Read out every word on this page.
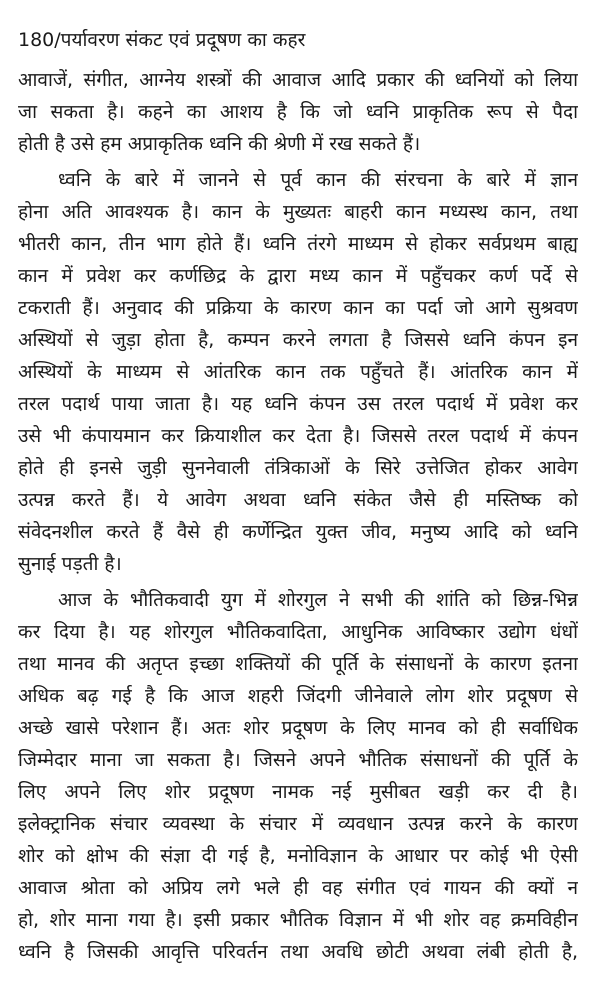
180/पर्यावरण संकट एवं प्रदूषण का कहर
आवाजें, संगीत, आग्नेय शस्त्रों की आवाज आदि प्रकार की ध्वनियों को लिया
जा सकता है। कहने का आशय है कि जो ध्वनि प्राकृतिक रूप से पैदा
होती है उसे हम अप्राकृतिक ध्वनि की श्रेणी में रख सकते हैं।
ध्वनि के बारे में जानने से पूर्व कान की संरचना के बारे में ज्ञान
होना अति आवश्यक है। कान के मुख्यतः बाहरी कान मध्यस्थ कान, तथा
भीतरी कान, तीन भाग होते हैं। ध्वनि तंरगे माध्यम से होकर सर्वप्रथम बाह्य
कान में प्रवेश कर कर्णछिद्र के द्वारा मध्य कान में पहुँचकर कर्ण पर्दे से
टकराती हैं। अनुवाद की प्रक्रिया के कारण कान का पर्दा जो आगे सुश्रवण
अस्थियों से जुड़ा होता है, कम्पन करने लगता है जिससे ध्वनि कंपन इन
अस्थियों के माध्यम से आंतरिक कान तक पहुँचते हैं। आंतरिक कान में
तरल पदार्थ पाया जाता है। यह ध्वनि कंपन उस तरल पदार्थ में प्रवेश कर
उसे भी कंपायमान कर क्रियाशील कर देता है। जिससे तरल पदार्थ में कंपन
होते ही इनसे जुड़ी सुननेवाली तंत्रिकाओं के सिरे उत्तेजित होकर आवेग
उत्पन्न करते हैं। ये आवेग अथवा ध्वनि संकेत जैसे ही मस्तिष्क को
संवेदनशील करते हैं वैसे ही कर्णेन्द्रित युक्त जीव, मनुष्य आदि को ध्वनि
सुनाई पड़ती है।
आज के भौतिकवादी युग में शोरगुल ने सभी की शांति को छिन्न-भिन्न
कर दिया है। यह शोरगुल भौतिकवादिता, आधुनिक आविष्कार उद्योग धंधों
तथा मानव की अतृप्त इच्छा शक्तियों की पूर्ति के संसाधनों के कारण इतना
अधिक बढ़ गई है कि आज शहरी जिंदगी जीनेवाले लोग शोर प्रदूषण से
अच्छे खासे परेशान हैं। अतः शोर प्रदूषण के लिए मानव को ही सर्वाधिक
जिम्मेदार माना जा सकता है। जिसने अपने भौतिक संसाधनों की पूर्ति के
लिए अपने लिए शोर प्रदूषण नामक नई मुसीबत खड़ी कर दी है।
इलेक्ट्रानिक संचार व्यवस्था के संचार में व्यवधान उत्पन्न करने के कारण
शोर को क्षोभ की संज्ञा दी गई है, मनोविज्ञान के आधार पर कोई भी ऐसी
आवाज श्रोता को अप्रिय लगे भले ही वह संगीत एवं गायन की क्यों न
हो, शोर माना गया है। इसी प्रकार भौतिक विज्ञान में भी शोर वह क्रमविहीन
ध्वनि है जिसकी आवृत्ति परिवर्तन तथा अवधि छोटी अथवा लंबी होती है,
